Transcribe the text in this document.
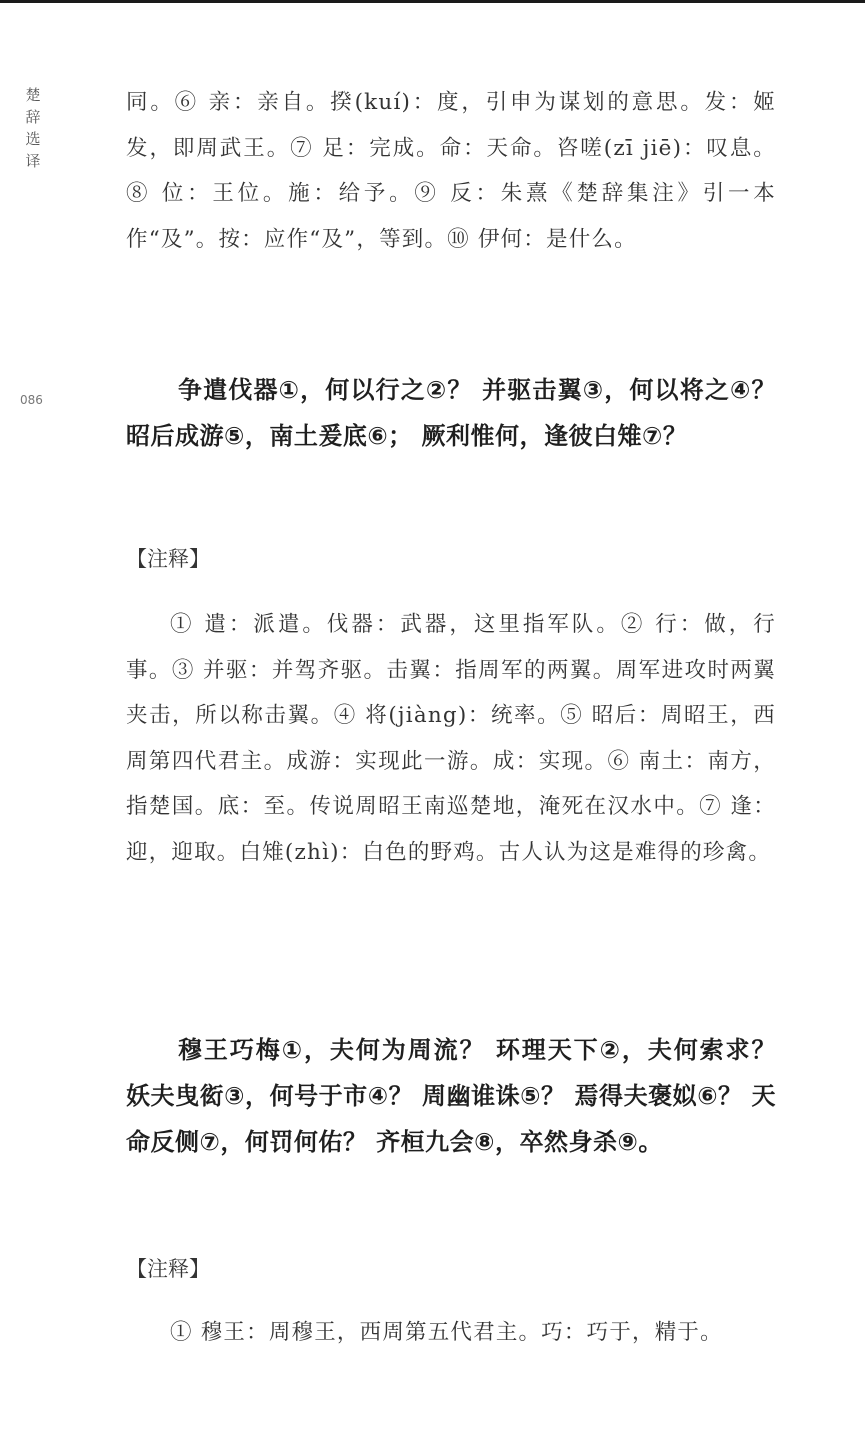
楚
辞
选
译
086

同。⑥ 亲：亲自。揆(kuí)：度，引申为谋划的意思。发：姬发，即周武王。⑦ 足：完成。命：天命。咨嗟(zī jiē)：叹息。⑧ 位：王位。施：给予。⑨ 反：朱熹《楚辞集注》引一本作“及”。按：应作“及”，等到。⑩ 伊何：是什么。

争遣伐器①，何以行之②？ 并驱击翼③，何以将之④？ 昭后成游⑤，南土爰底⑥； 厥利惟何，逢彼白雉⑦？

【注释】

① 遣：派遣。伐器：武器，这里指军队。② 行：做，行事。③ 并驱：并驾齐驱。击翼：指周军的两翼。周军进攻时两翼夹击，所以称击翼。④ 将(jiàng)：统率。⑤ 昭后：周昭王，西周第四代君主。成游：实现此一游。成：实现。⑥ 南土：南方，指楚国。底：至。传说周昭王南巡楚地，淹死在汉水中。⑦ 逢：迎，迎取。白雉(zhì)：白色的野鸡。古人认为这是难得的珍禽。

穆王巧梅①，夫何为周流？ 环理天下②，夫何索求？ 妖夫曳衒③，何号于市④？ 周幽谁诛⑤？ 焉得夫褒姒⑥？ 天命反侧⑦，何罚何佑？ 齐桓九会⑧，卒然身杀⑨。

【注释】

① 穆王：周穆王，西周第五代君主。巧：巧于，精于。
